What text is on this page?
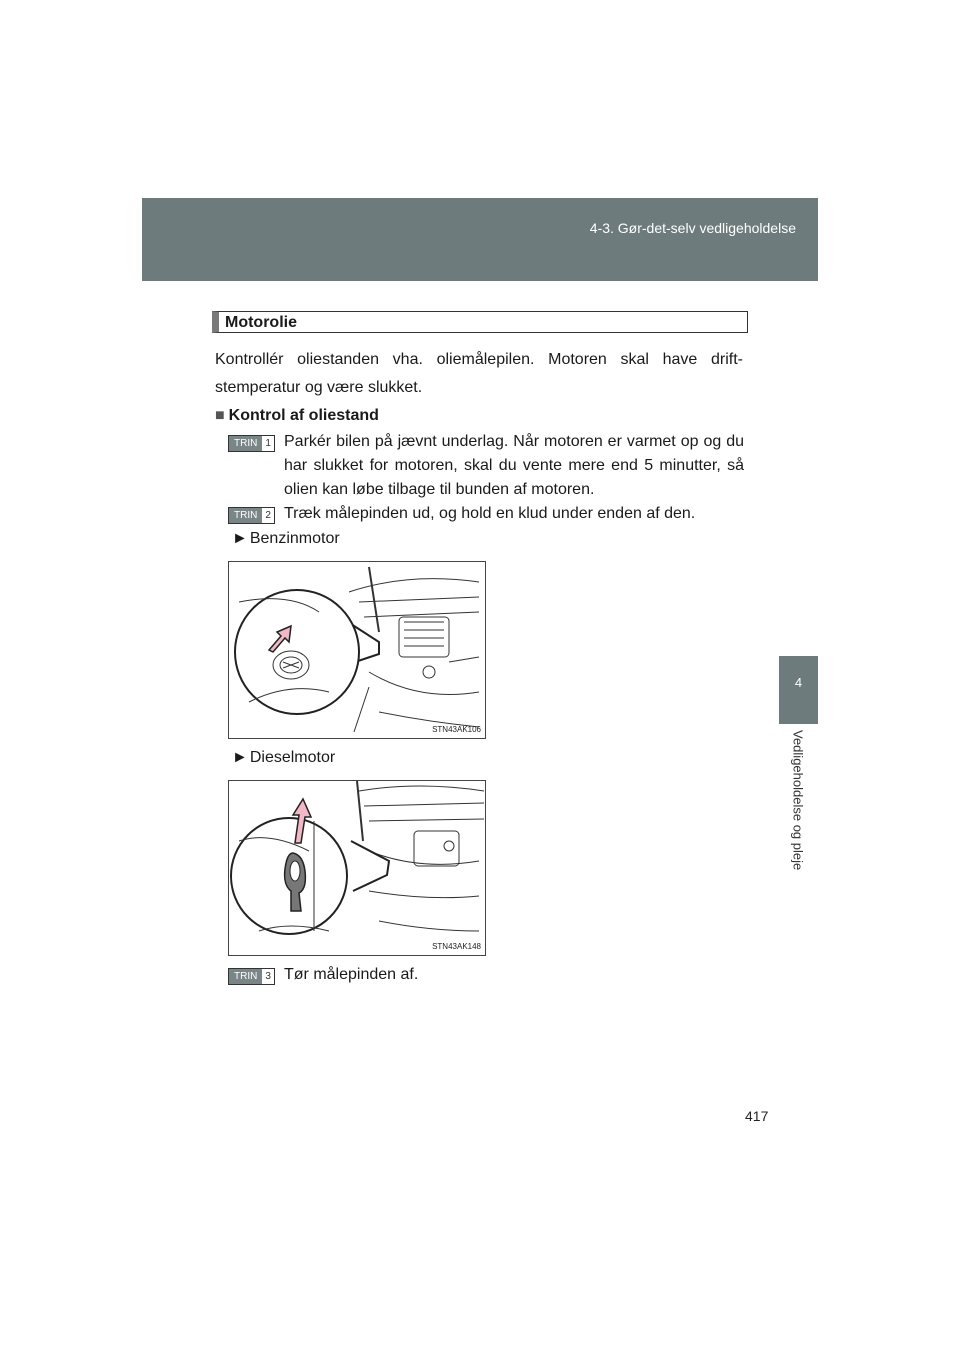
4-3. Gør-det-selv vedligeholdelse
4
Vedligeholdelse og pleje
Motorolie
Kontrollér oliestanden vha. oliemålepilen. Motoren skal have drift-stemperatur og være slukket.
■ Kontrol af oliestand
TRIN 1 Parkér bilen på jævnt underlag. Når motoren er varmet op og du har slukket for motoren, skal du vente mere end 5 minutter, så olien kan løbe tilbage til bunden af motoren.
TRIN 2 Træk målepinden ud, og hold en klud under enden af den.
► Benzinmotor
STN43AK106
► Dieselmotor
STN43AK148
TRIN 3 Tør målepinden af.
417
